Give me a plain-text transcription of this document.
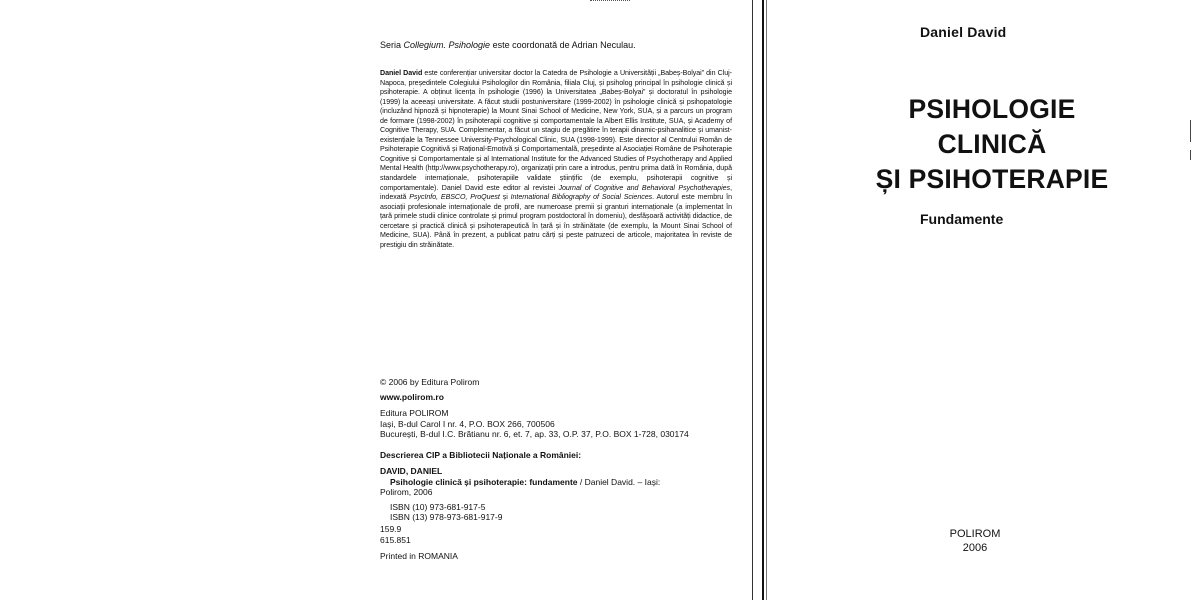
Seria Collegium. Psihologie este coordonată de Adrian Neculau.
Daniel David este conferențiar universitar doctor la Catedra de Psihologie a Universității „Babeș-Bolyai” din Cluj-Napoca, președintele Colegiului Psihologilor din România, filiala Cluj, și psiholog principal în psihologie clinică și psihoterapie. A obținut licența în psihologie (1996) la Universitatea „Babeș-Bolyai” și doctoratul în psihologie (1999) la aceeași universitate. A făcut studii postuniversitare (1999-2002) în psihologie clinică și psihopatologie (incluzând hipnoză și hipnoterapie) la Mount Sinai School of Medicine, New York, SUA, și a parcurs un program de formare (1998-2002) în psihoterapii cognitive și comportamentale la Albert Ellis Institute, SUA, și Academy of Cognitive Therapy, SUA. Complementar, a făcut un stagiu de pregătire în terapii dinamic-psihanalitice și umanist-existențiale la Tennessee University-Psychological Clinic, SUA (1998-1999). Este director al Centrului Român de Psihoterapie Cognitivă și Rațional-Emotivă și Comportamentală, președinte al Asociației Române de Psihoterapie Cognitive și Comportamentale și al International Institute for the Advanced Studies of Psychotherapy and Applied Mental Health (http://www.psychotherapy.ro), organizații prin care a introdus, pentru prima dată în România, după standardele internaționale, psihoterapiile validate științific (de exemplu, psihoterapii cognitive și comportamentale). Daniel David este editor al revistei Journal of Cognitive and Behavioral Psychotherapies, indexată PsycInfo, EBSCO, ProQuest și International Bibliography of Social Sciences. Autorul este membru în asociații profesionale internaționale de profil, are numeroase premii și granturi internaționale (a implementat în țară primele studii clinice controlate și primul program postdoctoral în domeniu), desfășoară activități didactice, de cercetare și practică clinică și psihoterapeutică în țară și în străinătate (de exemplu, la Mount Sinai School of Medicine, SUA). Până în prezent, a publicat patru cărți și peste patruzeci de articole, majoritatea în reviste de prestigiu din străinătate.
© 2006 by Editura Polirom
www.polirom.ro
Editura POLIROM
Iași, B-dul Carol I nr. 4, P.O. BOX 266, 700506
București, B-dul I.C. Brătianu nr. 6, et. 7, ap. 33, O.P. 37, P.O. BOX 1-728, 030174
Descrierea CIP a Bibliotecii Naționale a României:
DAVID, DANIEL
Psihologie clinică și psihoterapie: fundamente / Daniel David. – Iași:
Polirom, 2006
ISBN (10) 973-681-917-5
ISBN (13) 978-973-681-917-9
159.9
615.851
Printed in ROMANIA
Daniel David
PSIHOLOGIE
CLINICĂ
ȘI PSIHOTERAPIE
Fundamente
POLIROM
2006
